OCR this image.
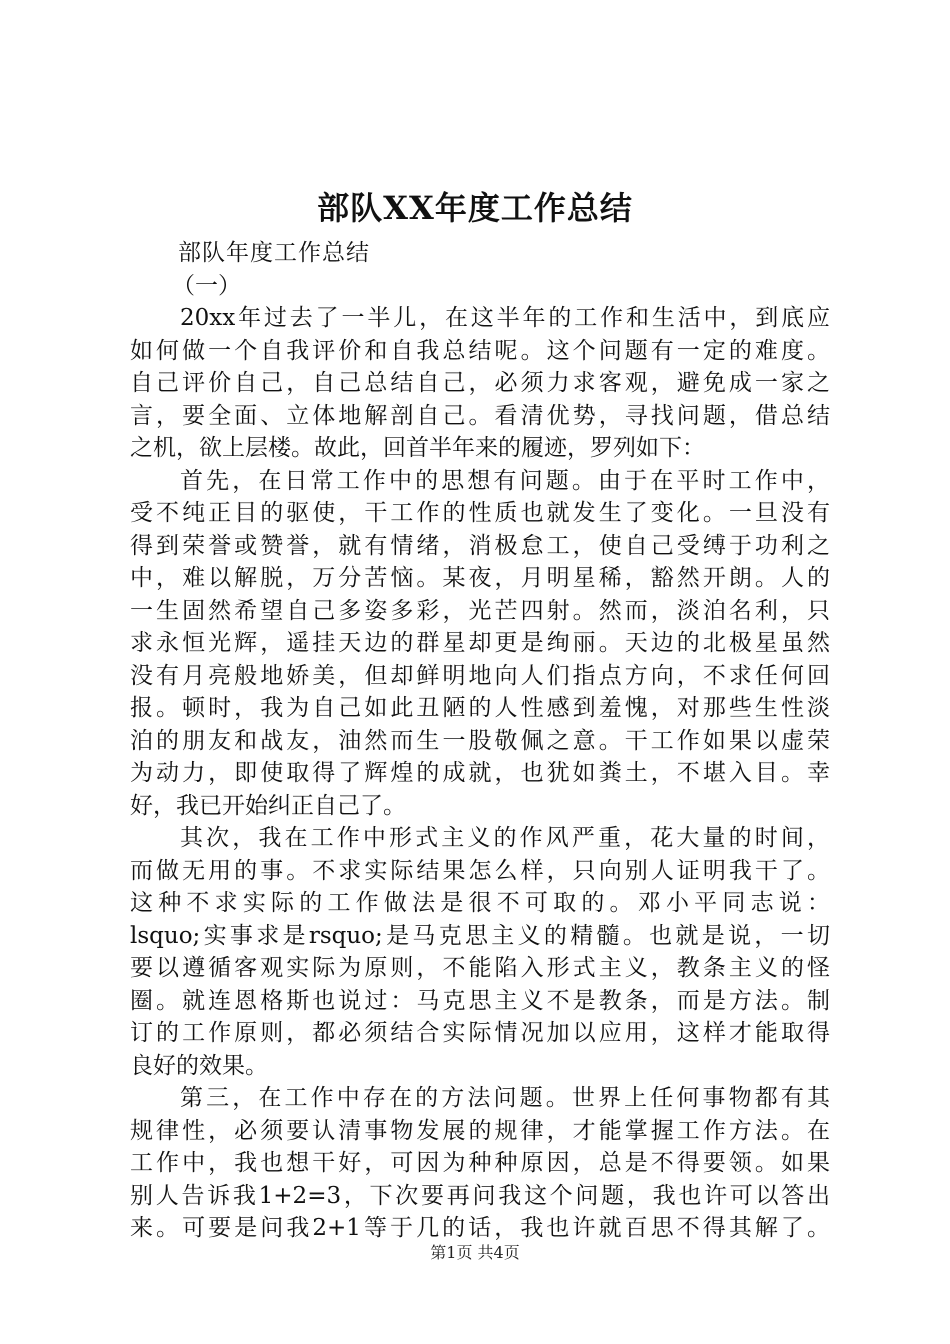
部队XX年度工作总结
部队年度工作总结
（一）
20xx年过去了一半儿，在这半年的工作和生活中，到底应
如何做一个自我评价和自我总结呢。这个问题有一定的难度。
自己评价自己，自己总结自己，必须力求客观，避免成一家之
言，要全面、立体地解剖自己。看清优势，寻找问题，借总结
之机，欲上层楼。故此，回首半年来的履迹，罗列如下：
首先，在日常工作中的思想有问题。由于在平时工作中，
受不纯正目的驱使，干工作的性质也就发生了变化。一旦没有
得到荣誉或赞誉，就有情绪，消极怠工，使自己受缚于功利之
中，难以解脱，万分苦恼。某夜，月明星稀，豁然开朗。人的
一生固然希望自己多姿多彩，光芒四射。然而，淡泊名利，只
求永恒光辉，遥挂天边的群星却更是绚丽。天边的北极星虽然
没有月亮般地娇美，但却鲜明地向人们指点方向，不求任何回
报。顿时，我为自己如此丑陋的人性感到羞愧，对那些生性淡
泊的朋友和战友，油然而生一股敬佩之意。干工作如果以虚荣
为动力，即使取得了辉煌的成就，也犹如粪土，不堪入目。幸
好，我已开始纠正自己了。
其次，我在工作中形式主义的作风严重，花大量的时间，
而做无用的事。不求实际结果怎么样，只向别人证明我干了。
这种不求实际的工作做法是很不可取的。邓小平同志说：
lsquo;实事求是rsquo;是马克思主义的精髓。也就是说，一切
要以遵循客观实际为原则，不能陷入形式主义，教条主义的怪
圈。就连恩格斯也说过：马克思主义不是教条，而是方法。制
订的工作原则，都必须结合实际情况加以应用，这样才能取得
良好的效果。
第三，在工作中存在的方法问题。世界上任何事物都有其
规律性，必须要认清事物发展的规律，才能掌握工作方法。在
工作中，我也想干好，可因为种种原因，总是不得要领。如果
别人告诉我1+2=3，下次要再问我这个问题，我也许可以答出
来。可要是问我2+1等于几的话，我也许就百思不得其解了。
第1页 共4页
